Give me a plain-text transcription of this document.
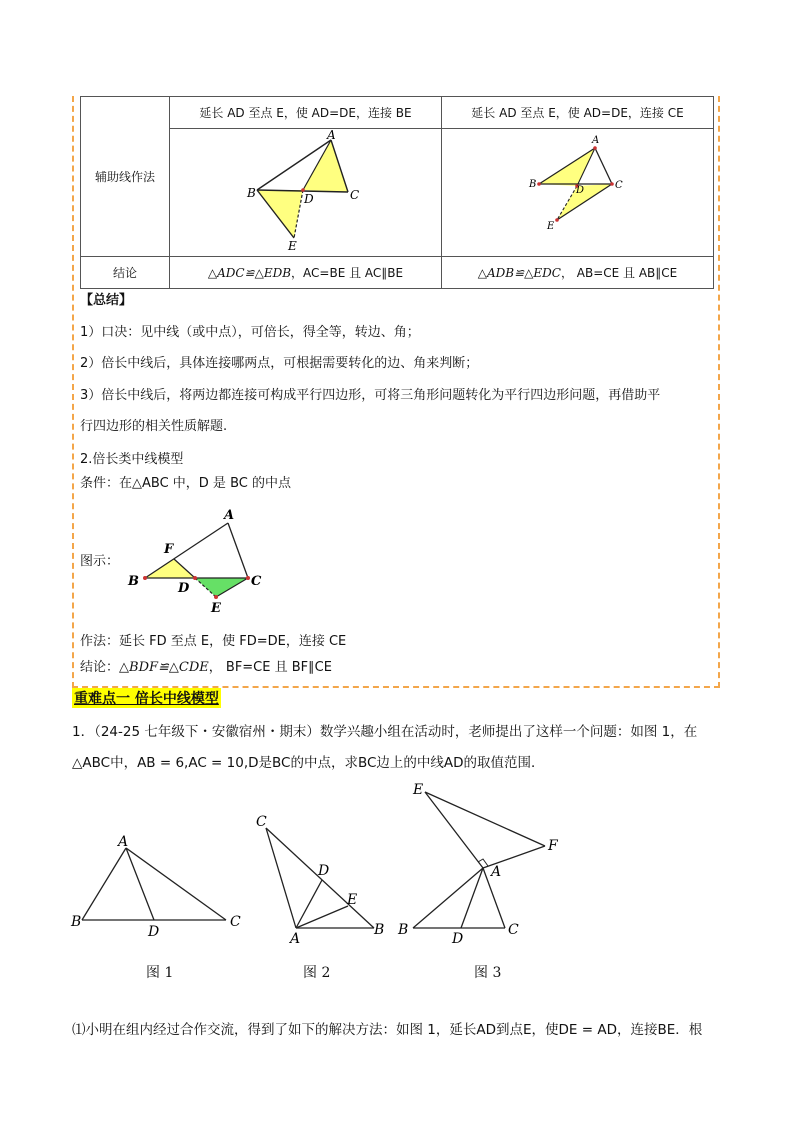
辅助线作法	延长 AD 至点 E，使 AD=DE，连接 BE	延长 AD 至点 E，使 AD=DE，连接 CE

A
B C
D
E	A
B C
D
E

结论	△ADC≌△EDB，AC=BE 且 AC∥BE	△ADB≌△EDC， AB=CE 且 AB∥CE
【总结】
1）口决：见中线（或中点），可倍长，得全等，转边、角；
2）倍长中线后，具体连接哪两点，可根据需要转化的边、角来判断；
3）倍长中线后，将两边都连接可构成平行四边形，可将三角形问题转化为平行四边形问题，再借助平
行四边形的相关性质解题.
2.倍长类中线模型
条件：在△ABC 中，D 是 BC 的中点
图示：
A
B	C
D
E
F
作法：延长 FD 至点 E，使 FD=DE，连接 CE
结论：△BDF≌△CDE， BF=CE 且 BF∥CE
重难点一 倍长中线模型
1．（24-25 七年级下・安徽宿州・期末）数学兴趣小组在活动时，老师提出了这样一个问题：如图 1，在
△ABC中，AB = 6,AC = 10,D是BC的中点，求BC边上的中线AD的取值范围．
A
B	C
D
C
D
E
A
B
E
F
A
B
D
C
图 1	图 2	图 3
⑴小明在组内经过合作交流，得到了如下的解决方法：如图 1，延长AD到点E，使DE = AD，连接BE．根
